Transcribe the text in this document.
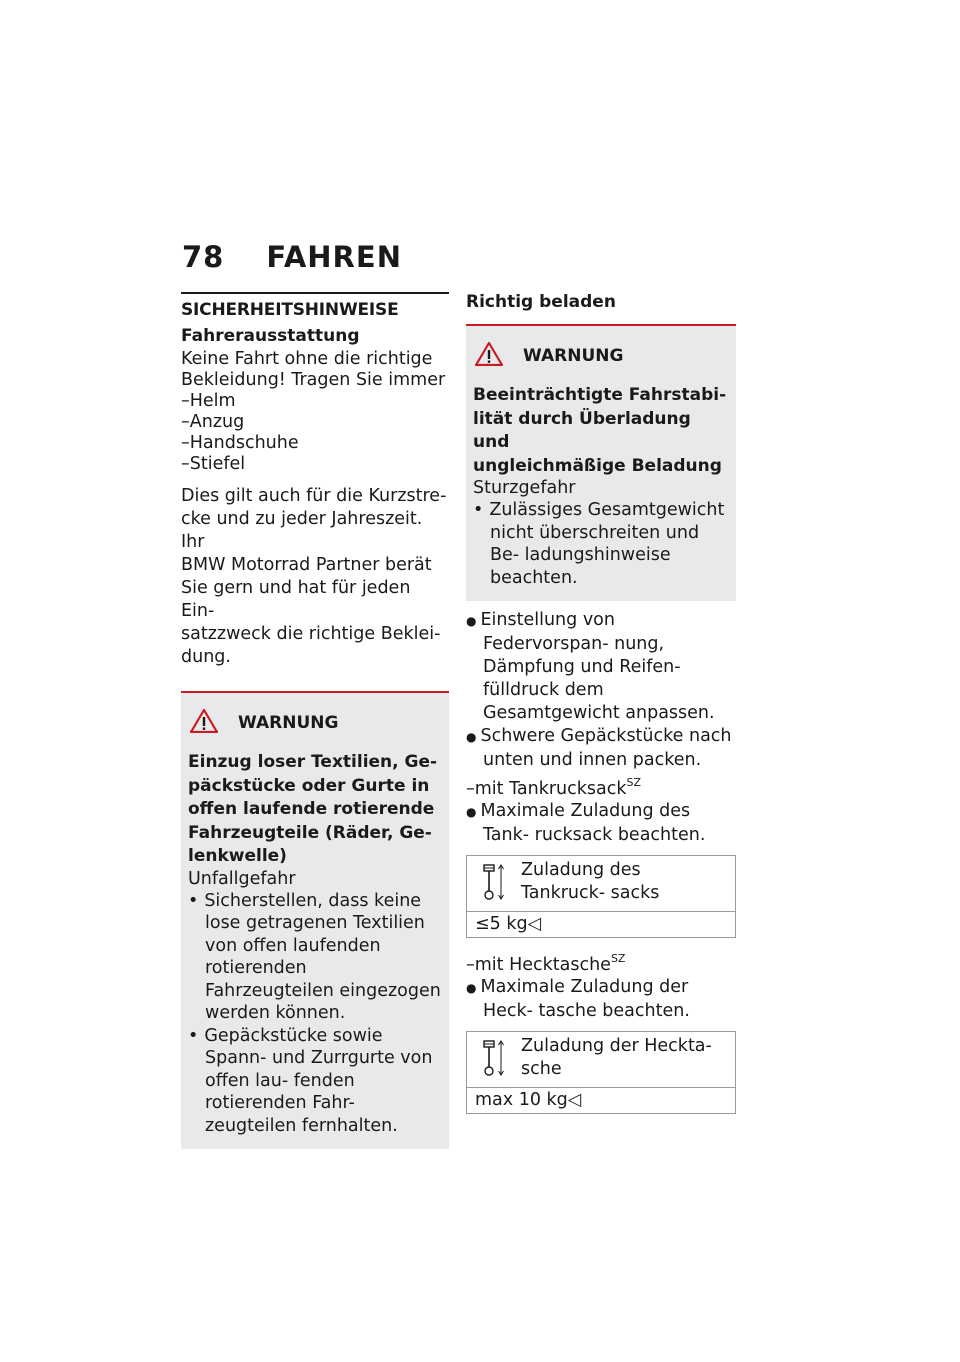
78 FAHREN
SICHERHEITSHINWEISE
Fahrerausstattung
Keine Fahrt ohne die richtige
Bekleidung! Tragen Sie immer
–Helm
–Anzug
–Handschuhe
–Stiefel
Dies gilt auch für die Kurzstre-
cke und zu jeder Jahreszeit. Ihr
BMW Motorrad Partner berät
Sie gern und hat für jeden Ein-
satzzweck die richtige Beklei-
dung.
WARNUNG
Einzug loser Textilien, Ge-
päckstücke oder Gurte in
offen laufende rotierende
Fahrzeugteile (Räder, Ge-
lenkwelle)
Unfallgefahr
• Sicherstellen, dass keine lose getragenen Textilien von offen laufenden rotierenden Fahrzeugteilen eingezogen werden können.
• Gepäckstücke sowie Spann- und Zurrgurte von offen lau- fenden rotierenden Fahr- zeugteilen fernhalten.
Richtig beladen
WARNUNG
Beeinträchtigte Fahrstabi-
lität durch Überladung und
ungleichmäßige Beladung
Sturzgefahr
• Zulässiges Gesamtgewicht nicht überschreiten und Be- ladungshinweise beachten.
● Einstellung von Federvorspan- nung, Dämpfung und Reifen- fülldruck dem Gesamtgewicht anpassen.
● Schwere Gepäckstücke nach unten und innen packen.
–mit Tankrucksack$^{SZ}$
● Maximale Zuladung des Tank- rucksack beachten.
Zuladung des Tankruck- sacks
≤5 kg◁
–mit Hecktasche$^{SZ}$
● Maximale Zuladung der Heck- tasche beachten.
Zuladung der Heckta- sche
max 10 kg◁
